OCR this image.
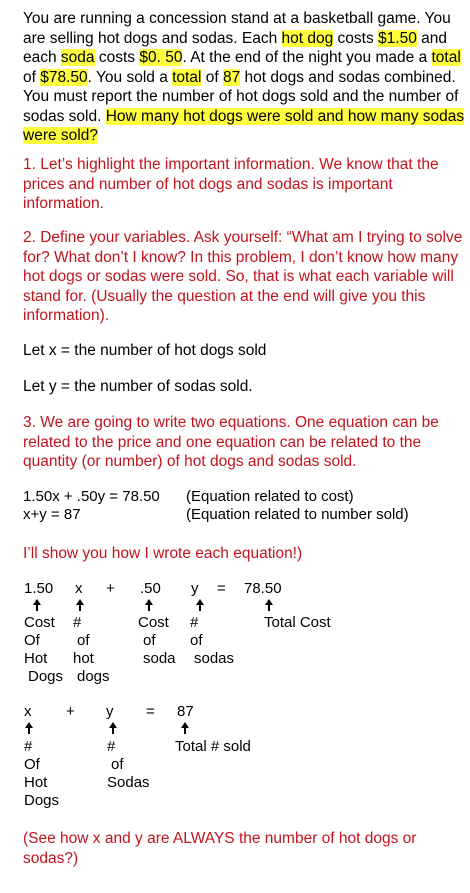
You are running a concession stand at a basketball game. You are selling hot dogs and sodas. Each hot dog costs $1.50 and each soda costs $0. 50. At the end of the night you made a total of $78.50. You sold a total of 87 hot dogs and sodas combined. You must report the number of hot dogs sold and the number of sodas sold. How many hot dogs were sold and how many sodas were sold?
1. Let’s highlight the important information. We know that the prices and number of hot dogs and sodas is important information.
2. Define your variables. Ask yourself: “What am I trying to solve for? What don’t I know? In this problem, I don’t know how many hot dogs or sodas were sold. So, that is what each variable will stand for. (Usually the question at the end will give you this information).
Let x = the number of hot dogs sold
Let y = the number of sodas sold.
3. We are going to write two equations. One equation can be related to the price and one equation can be related to the quantity (or number) of hot dogs and sodas sold.
1.50x + .50y = 78.50 (Equation related to cost)
x+y = 87	(Equation related to number sold)
I’ll show you how I wrote each equation!)
1.50 x + .50 y = 78.50
Cost
Of
Hot
Dogs
#
of
hot
dogs
Cost
of
soda
#
of
sodas
Total Cost
x + y = 87
#
Of
Hot
Dogs
#
of
Sodas
Total # sold
(See how x and y are ALWAYS the number of hot dogs or sodas?)
